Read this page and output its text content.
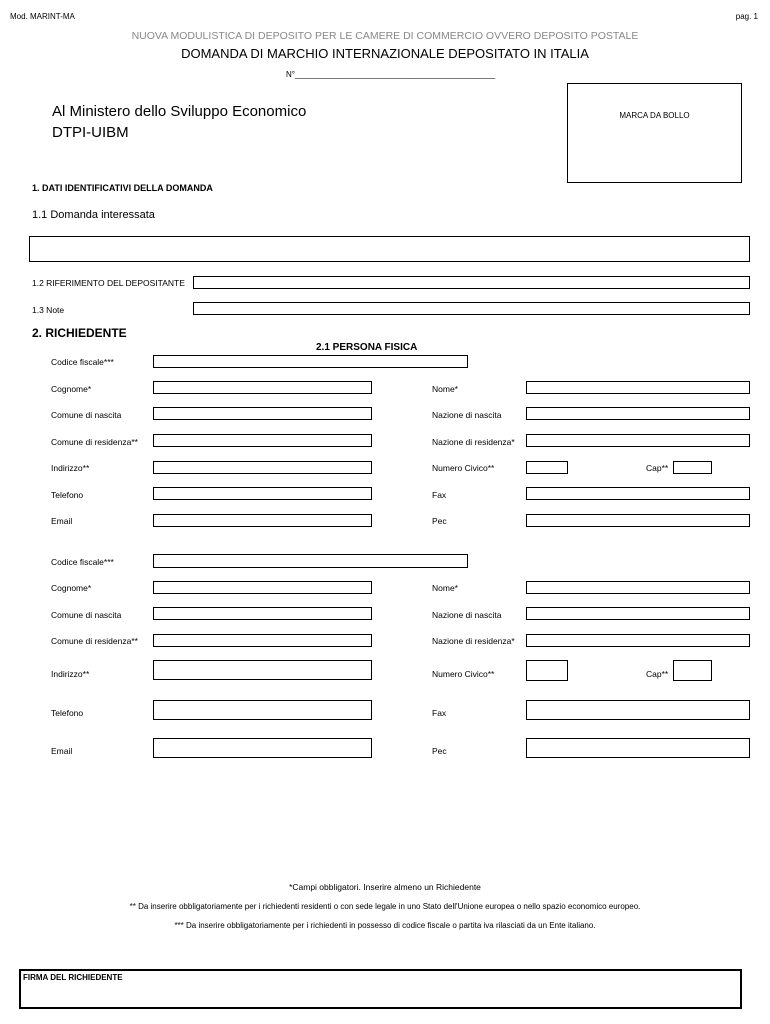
Mod. MARINT-MA	pag. 1
NUOVA MODULISTICA DI DEPOSITO PER LE CAMERE DI COMMERCIO OVVERO DEPOSITO POSTALE
DOMANDA DI MARCHIO INTERNAZIONALE DEPOSITATO IN ITALIA
N°_____________________________________________
Al Ministero dello Sviluppo Economico
DTPI-UIBM
MARCA DA BOLLO
1. DATI IDENTIFICATIVI DELLA DOMANDA
1.1 Domanda interessata
1.2 RIFERIMENTO DEL DEPOSITANTE
1.3 Note
2. RICHIEDENTE
2.1 PERSONA FISICA
Codice fiscale***
Cognome*	Nome*
Comune di nascita	Nazione di nascita
Comune di residenza**	Nazione di residenza*
Indirizzo**	Numero Civico**	Cap**
Telefono	Fax
Email	Pec
Codice fiscale***
Cognome*	Nome*
Comune di nascita	Nazione di nascita
Comune di residenza**	Nazione di residenza*
Indirizzo**	Numero Civico**	Cap**
Telefono	Fax
Email	Pec
*Campi obbligatori. Inserire almeno un Richiedente
** Da inserire obbligatoriamente per i richiedenti residenti o con sede legale in uno Stato dell'Unione europea o nello spazio economico europeo.
*** Da inserire obbligatoriamente per i richiedenti in possesso di codice fiscale o partita iva rilasciati da un Ente italiano.
FIRMA DEL RICHIEDENTE
